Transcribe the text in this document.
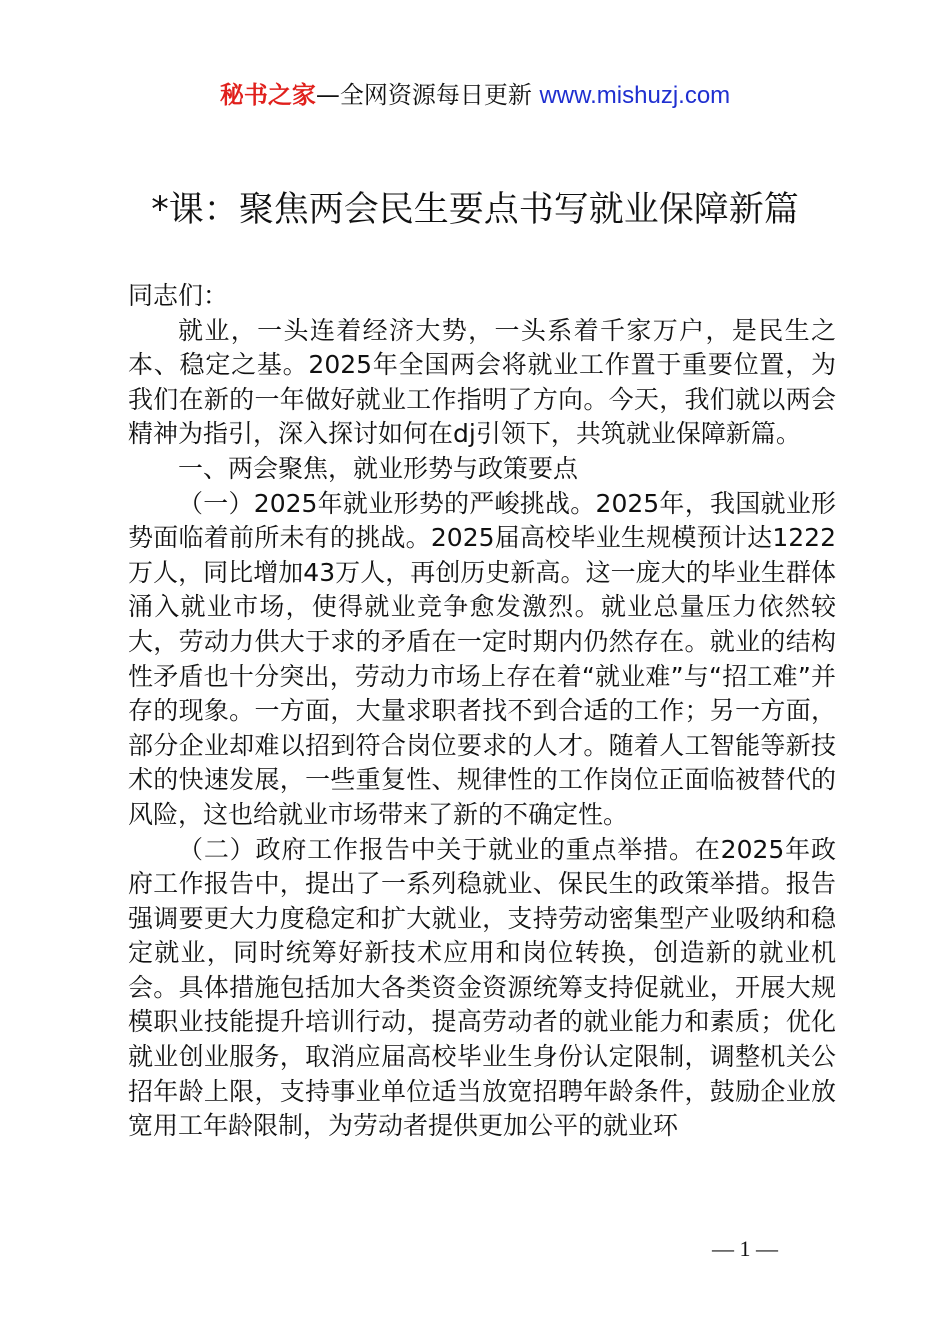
秘书之家—全网资源每日更新 www.mishuzj.com
*课：聚焦两会民生要点书写就业保障新篇

同志们：

就业，一头连着经济大势，一头系着千家万户，是民生之本、稳定之基。2025年全国两会将就业工作置于重要位置，为我们在新的一年做好就业工作指明了方向。今天，我们就以两会精神为指引，深入探讨如何在dj引领下，共筑就业保障新篇。

一、两会聚焦，就业形势与政策要点

（一）2025年就业形势的严峻挑战。2025年，我国就业形势面临着前所未有的挑战。2025届高校毕业生规模预计达1222万人，同比增加43万人，再创历史新高。这一庞大的毕业生群体涌入就业市场，使得就业竞争愈发激烈。就业总量压力依然较大，劳动力供大于求的矛盾在一定时期内仍然存在。就业的结构性矛盾也十分突出，劳动力市场上存在着“就业难”与“招工难”并存的现象。一方面，大量求职者找不到合适的工作；另一方面，部分企业却难以招到符合岗位要求的人才。随着人工智能等新技术的快速发展，一些重复性、规律性的工作岗位正面临被替代的风险，这也给就业市场带来了新的不确定性。

（二）政府工作报告中关于就业的重点举措。在2025年政府工作报告中，提出了一系列稳就业、保民生的政策举措。报告强调要更大力度稳定和扩大就业，支持劳动密集型产业吸纳和稳定就业，同时统筹好新技术应用和岗位转换，创造新的就业机会。具体措施包括加大各类资金资源统筹支持促就业，开展大规模职业技能提升培训行动，提高劳动者的就业能力和素质；优化就业创业服务，取消应届高校毕业生身份认定限制，调整机关公招年龄上限，支持事业单位适当放宽招聘年龄条件，鼓励企业放宽用工年龄限制，为劳动者提供更加公平的就业环

— 1 —
